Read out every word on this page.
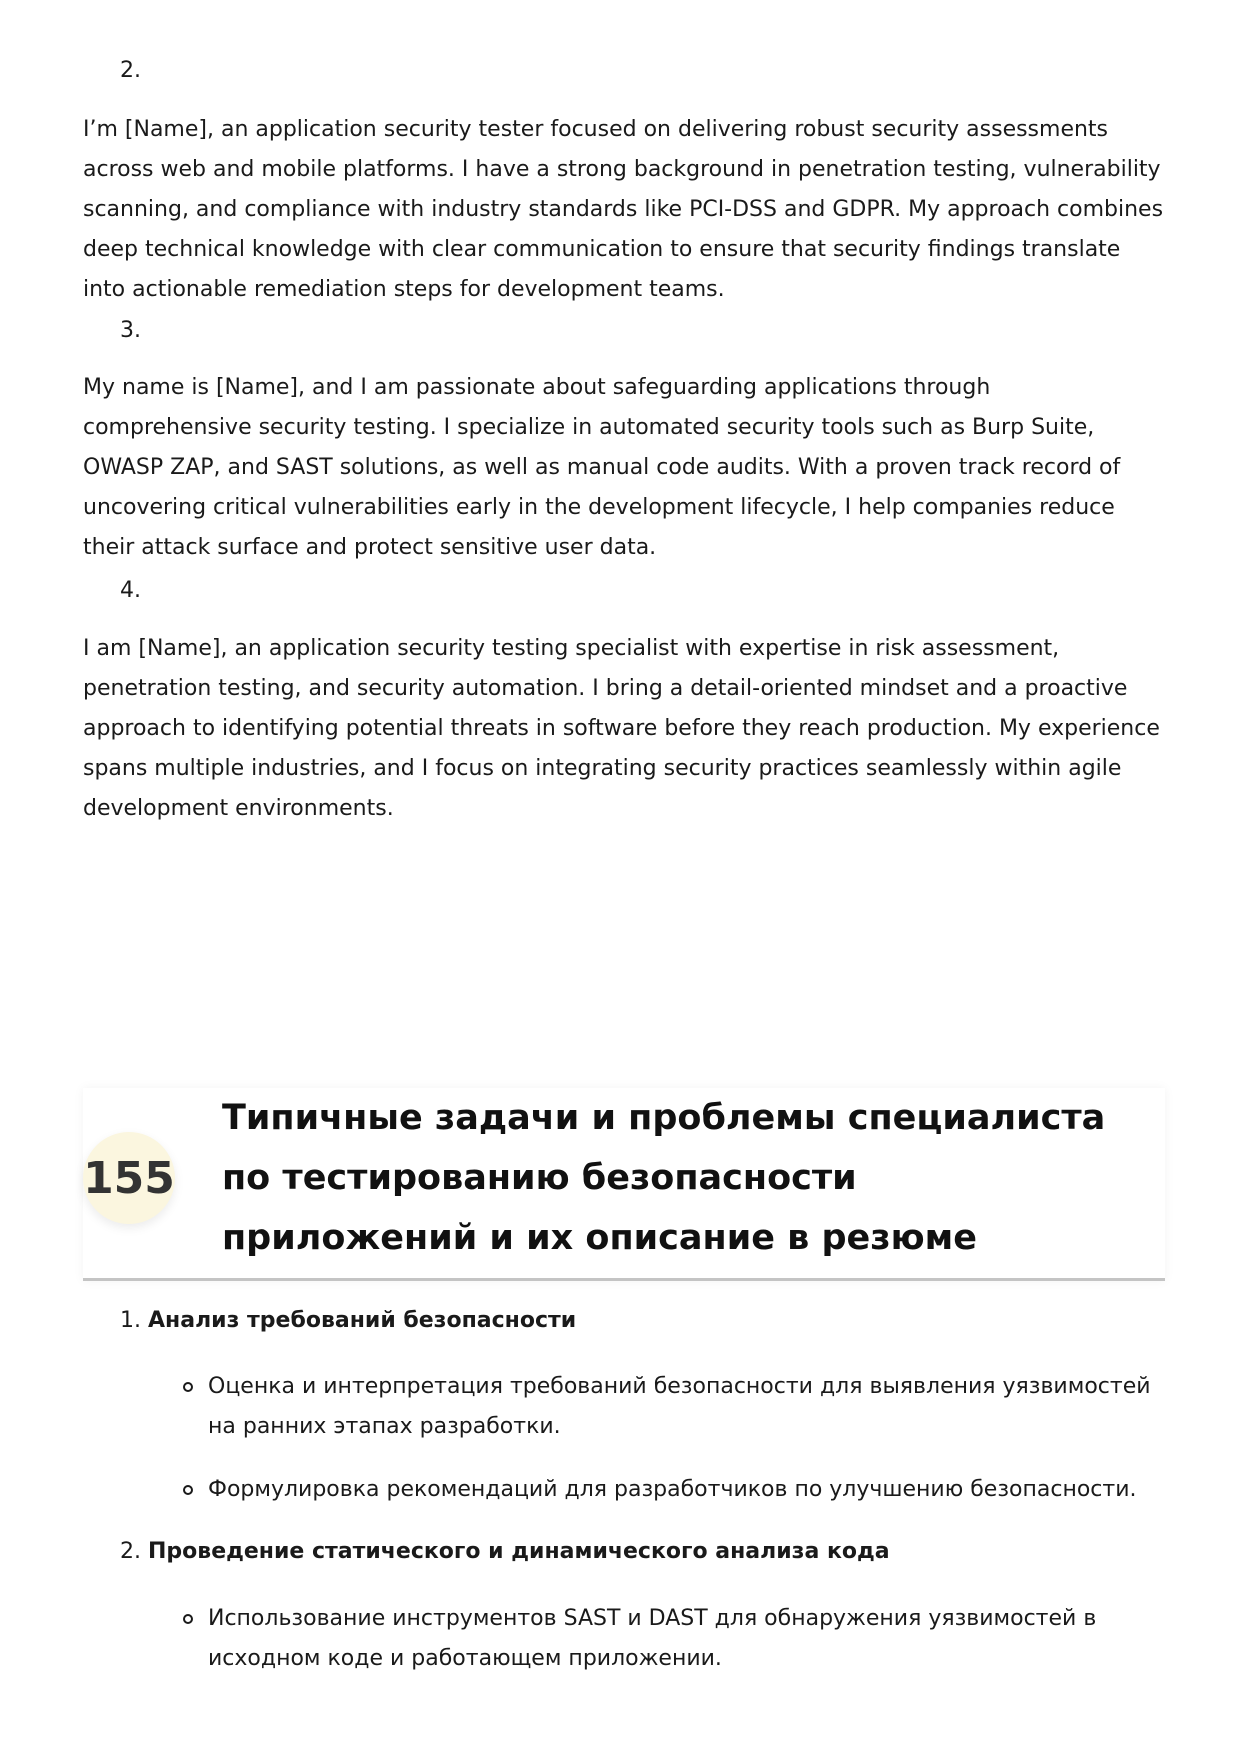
2.

I’m [Name], an application security tester focused on delivering robust security assessments across web and mobile platforms. I have a strong background in penetration testing, vulnerability scanning, and compliance with industry standards like PCI-DSS and GDPR. My approach combines deep technical knowledge with clear communication to ensure that security findings translate into actionable remediation steps for development teams.

3.

My name is [Name], and I am passionate about safeguarding applications through comprehensive security testing. I specialize in automated security tools such as Burp Suite, OWASP ZAP, and SAST solutions, as well as manual code audits. With a proven track record of uncovering critical vulnerabilities early in the development lifecycle, I help companies reduce their attack surface and protect sensitive user data.

4.

I am [Name], an application security testing specialist with expertise in risk assessment, penetration testing, and security automation. I bring a detail-oriented mindset and a proactive approach to identifying potential threats in software before they reach production. My experience spans multiple industries, and I focus on integrating security practices seamlessly within agile development environments.

155
Типичные задачи и проблемы специалиста по тестированию безопасности приложений и их описание в резюме
1. Анализ требований безопасности
Оценка и интерпретация требований безопасности для выявления уязвимостей на ранних этапах разработки.
Формулировка рекомендаций для разработчиков по улучшению безопасности.
2. Проведение статического и динамического анализа кода
Использование инструментов SAST и DAST для обнаружения уязвимостей в исходном коде и работающем приложении.
